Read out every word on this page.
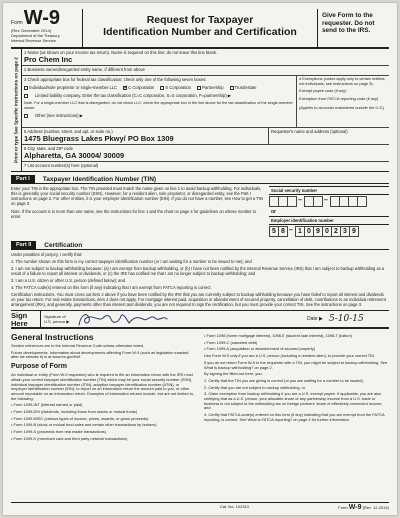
Form W-9
(Rev. December 2014)
Department of the Treasury
Internal Revenue Service
Request for Taxpayer
Identification Number and Certification
Give Form to the requester. Do not send to the IRS.
Print or type See Specific Instructions on page 2
1 Name (as shown on your income tax return). Name is required on this line; do not leave this line blank.
Pro Chem Inc
2 Business name/disregarded entity name, if different from above
3 Check appropriate box for federal tax classification; check only one of the following seven boxes:
Individual/sole proprietor or single-member LLC
✓	C Corporation	S Corporation	Partnership	Trust/estate
Limited liability company. Enter the tax classification (C=C corporation, S=S corporation, P=partnership) ▶
Note. For a single-member LLC that is disregarded, do not check LLC; check the appropriate box in the line above for the tax classification of the single-member owner.
Other (see instructions) ▶
4 Exemptions (codes apply only to certain entities, not individuals; see instructions on page 3):
Exempt payee code (if any)
Exemption from FATCA reporting code (if any)
(Applies to accounts maintained outside the U.S.)
5 Address (number, street, and apt. or suite no.)
1475 Bluegrass Lakes Pkwy/ PO Box 1309
Requester's name and address (optional)
6 City, state, and ZIP code
Alpharetta, GA 30004/ 30009
7 List account number(s) here (optional)
Part I	Taxpayer Identification Number (TIN)
Enter your TIN in the appropriate box. The TIN provided must match the name given on line 1 to avoid backup withholding. For individuals, this is generally your social security number (SSN). However, for a resident alien, sole proprietor, or disregarded entity, see the Part I instructions on page 3. For other entities, it is your employer identification number (EIN). If you do not have a number, see How to get a TIN on page 3.
Note. If the account is in more than one name, see the instructions for line 1 and the chart on page 4 for guidelines on whose number to enter.
Social security number
–	–
or
Employer identification number
5 8 – 1 0 9 0 2 3 9
Part II	Certification

Under penalties of perjury, I certify that:

1. The number shown on this form is my correct taxpayer identification number (or I am waiting for a number to be issued to me); and

2. I am not subject to backup withholding because: (a) I am exempt from backup withholding, or (b) I have not been notified by the Internal Revenue Service (IRS) that I am subject to backup withholding as a result of a failure to report all interest or dividends, or (c) the IRS has notified me that I am no longer subject to backup withholding; and

3. I am a U.S. citizen or other U.S. person (defined below); and

4. The FATCA code(s) entered on this form (if any) indicating that I am exempt from FATCA reporting is correct.

Certification instructions. You must cross out item 2 above if you have been notified by the IRS that you are currently subject to backup withholding because you have failed to report all interest and dividends on your tax return. For real estate transactions, item 2 does not apply. For mortgage interest paid, acquisition or abandonment of secured property, cancellation of debt, contributions to an individual retirement arrangement (IRA), and generally, payments other than interest and dividends, you are not required to sign the certification, but you must provide your correct TIN. See the instructions on page 3.

Sign Here
Signature of U.S. person ▶	Date ▶ 5-10-15
General Instructions

Section references are to the Internal Revenue Code unless otherwise noted.

Future developments. Information about developments affecting Form W-9 (such as legislation enacted after we release it) is at www.irs.gov/fw9.

Purpose of Form

An individual or entity (Form W-9 requester) who is required to file an information return with the IRS must obtain your correct taxpayer identification number (TIN) which may be your social security number (SSN), individual taxpayer identification number (ITIN), adoption taxpayer identification number (ATIN), or employer identification number (EIN), to report on an information return the amount paid to you, or other amount reportable on an information return. Examples of information returns include, but are not limited to, the following:

• Form 1099-INT (interest earned or paid)

• Form 1099-DIV (dividends, including those from stocks or mutual funds)

• Form 1099-MISC (various types of income, prizes, awards, or gross proceeds)

• Form 1099-B (stock or mutual fund sales and certain other transactions by brokers)

• Form 1099-S (proceeds from real estate transactions)

• Form 1099-K (merchant card and third party network transactions)

• Form 1098 (home mortgage interest), 1098-E (student loan interest), 1098-T (tuition)

• Form 1099-C (canceled debt)

• Form 1099-A (acquisition or abandonment of secured property)

Use Form W-9 only if you are a U.S. person (including a resident alien), to provide your correct TIN.

If you do not return Form W-9 to the requester with a TIN, you might be subject to backup withholding. See What is backup withholding? on page 2.

By signing the filled-out form, you:

1. Certify that the TIN you are giving is correct (or you are waiting for a number to be issued),

2. Certify that you are not subject to backup withholding, or

3. Claim exemption from backup withholding if you are a U.S. exempt payee. If applicable, you are also certifying that as a U.S. person, your allocable share of any partnership income from a U.S. trade or business is not subject to the withholding tax on foreign partners' share of effectively connected income, and

4. Certify that FATCA code(s) entered on this form (if any) indicating that you are exempt from the FATCA reporting, is correct. See What is FATCA reporting? on page 2 for further information.

Cat. No. 10231X	Form W-9 (Rev. 12-2014)
